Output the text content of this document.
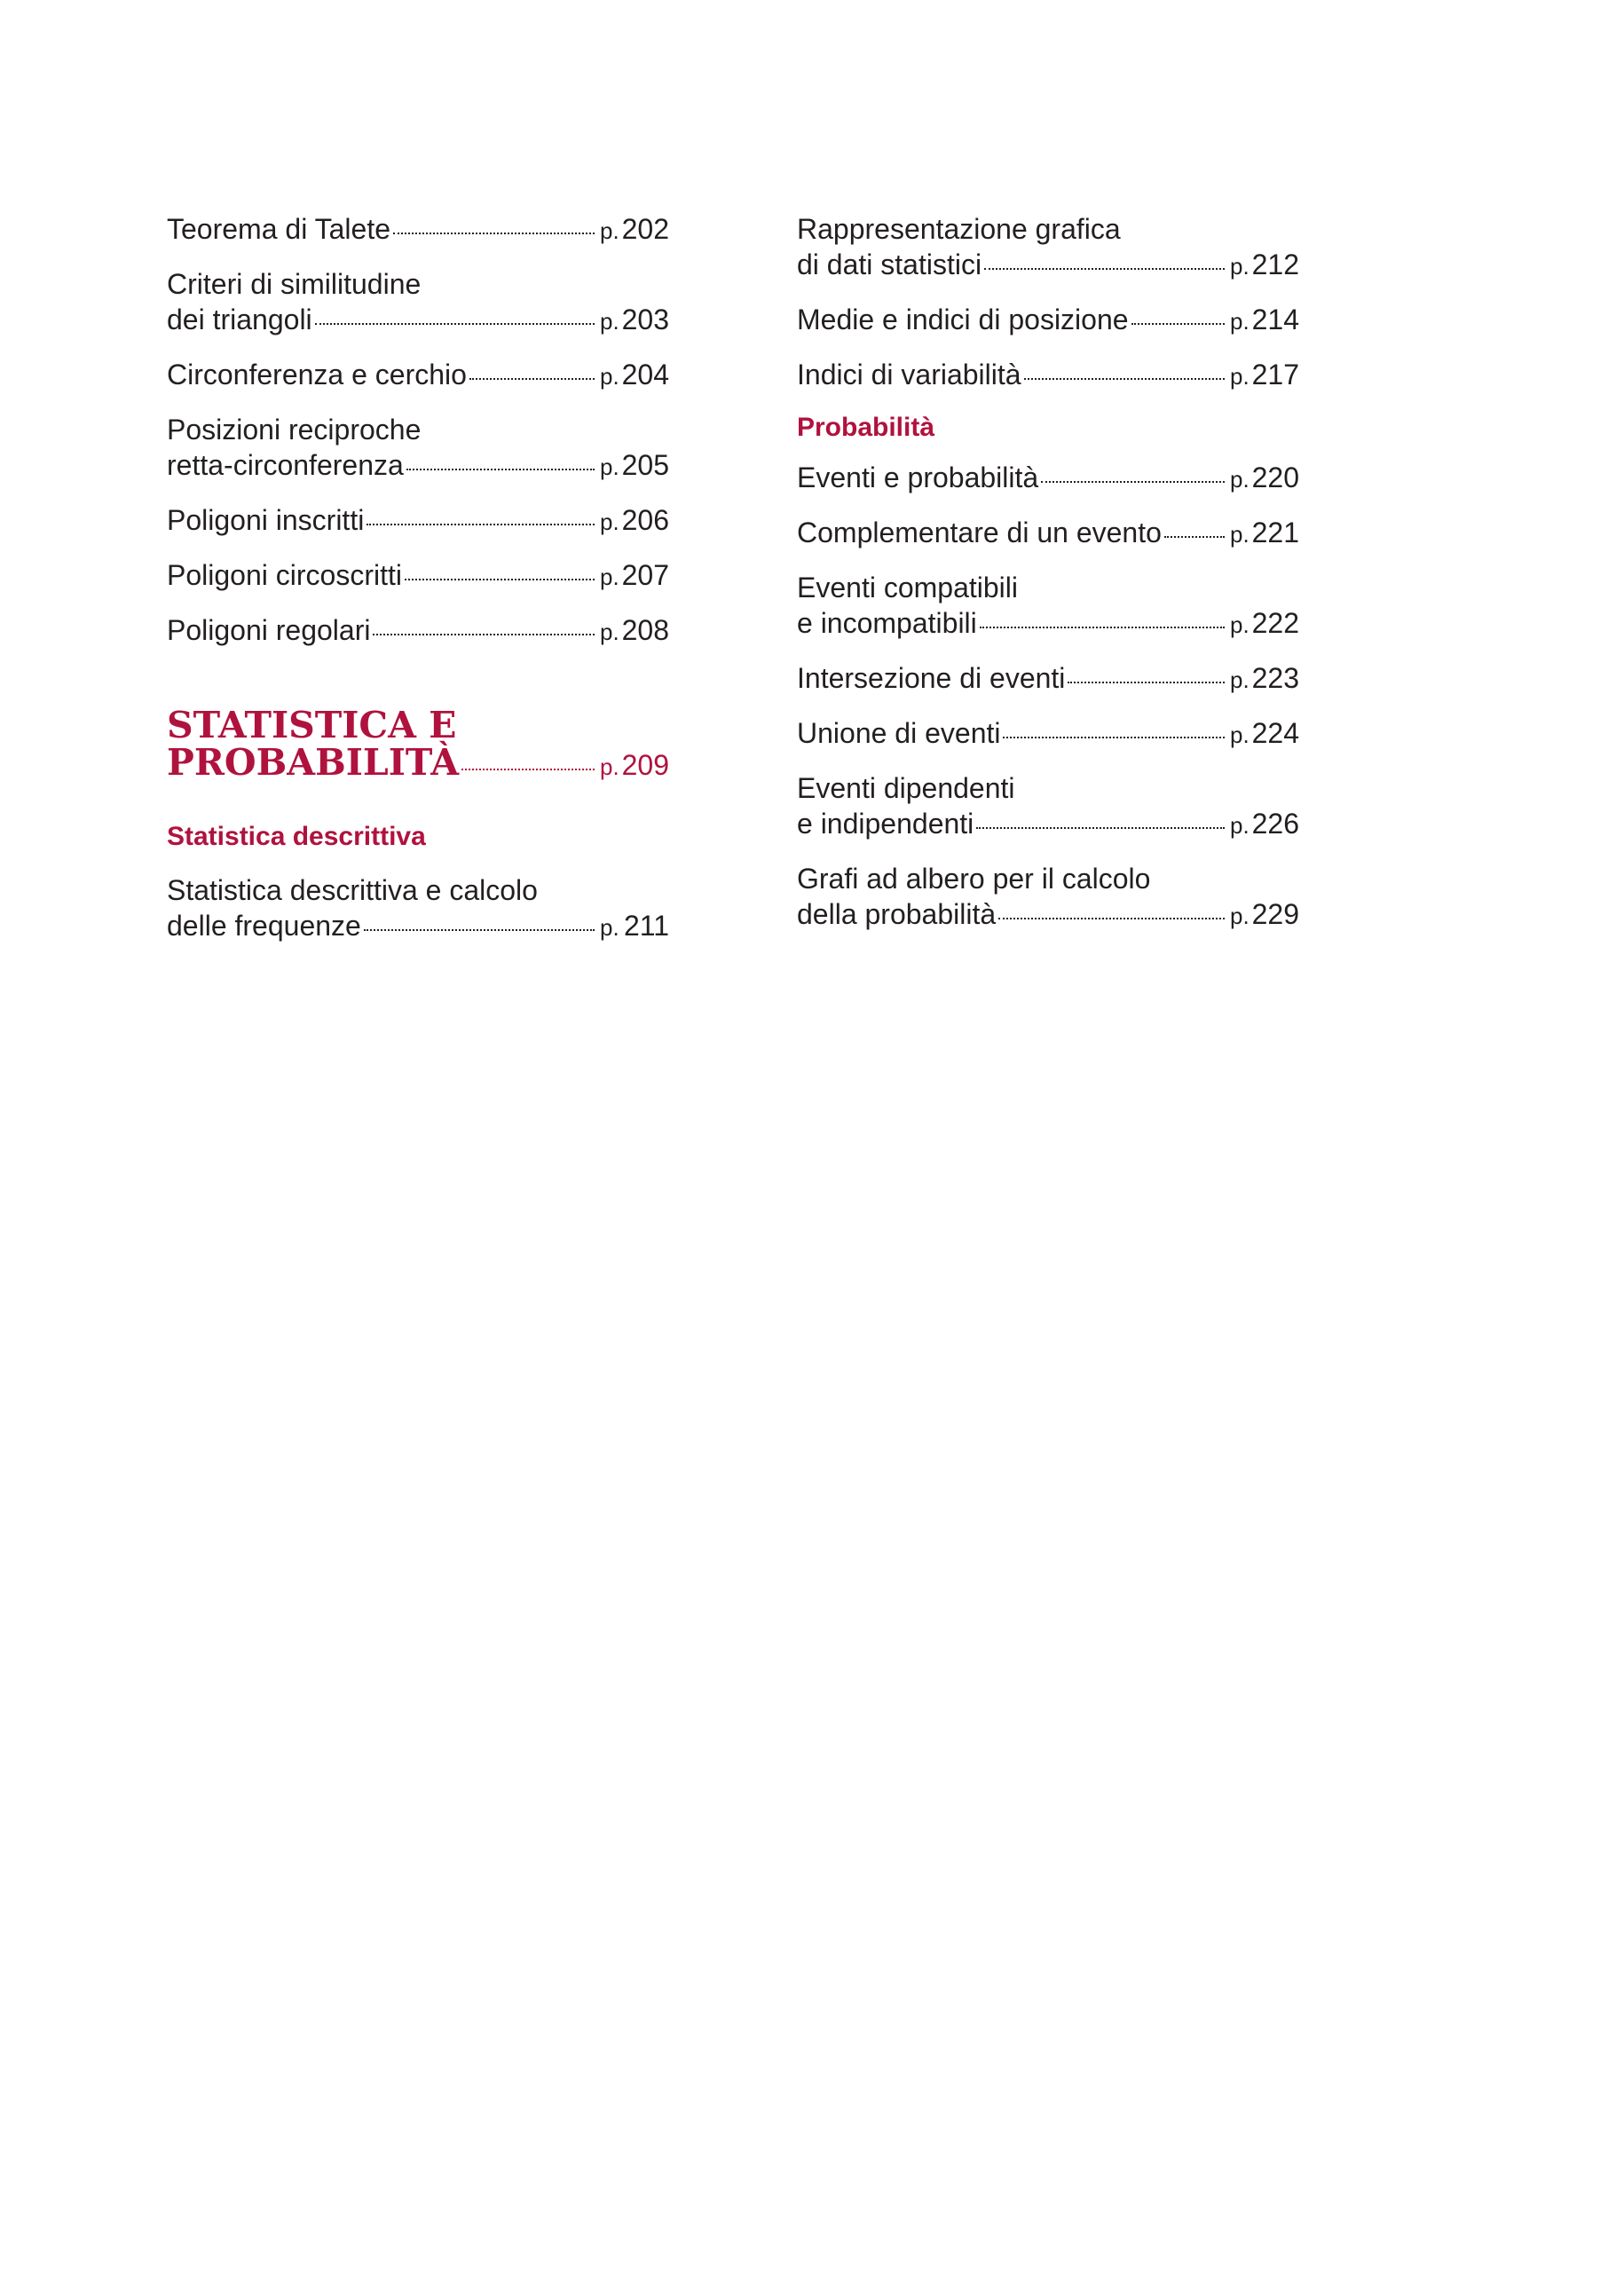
Teorema di Talete	p. 202
Criteri di similitudine
dei triangoli	p. 203
Circonferenza e cerchio	p. 204
Posizioni reciproche
retta-circonferenza	p. 205
Poligoni inscritti	p. 206
Poligoni circoscritti	p. 207
Poligoni regolari	p. 208
STATISTICA E
PROBABILITÀ	p. 209
Statistica descrittiva
Statistica descrittiva e calcolo
delle frequenze	p. 211
Rappresentazione grafica
di dati statistici	p. 212
Medie e indici di posizione	p. 214
Indici di variabilità	p. 217
Probabilità
Eventi e probabilità	p. 220
Complementare di un evento	p. 221
Eventi compatibili
e incompatibili	p. 222
Intersezione di eventi	p. 223
Unione di eventi	p. 224
Eventi dipendenti
e indipendenti	p. 226
Grafi ad albero per il calcolo
della probabilità	p. 229
